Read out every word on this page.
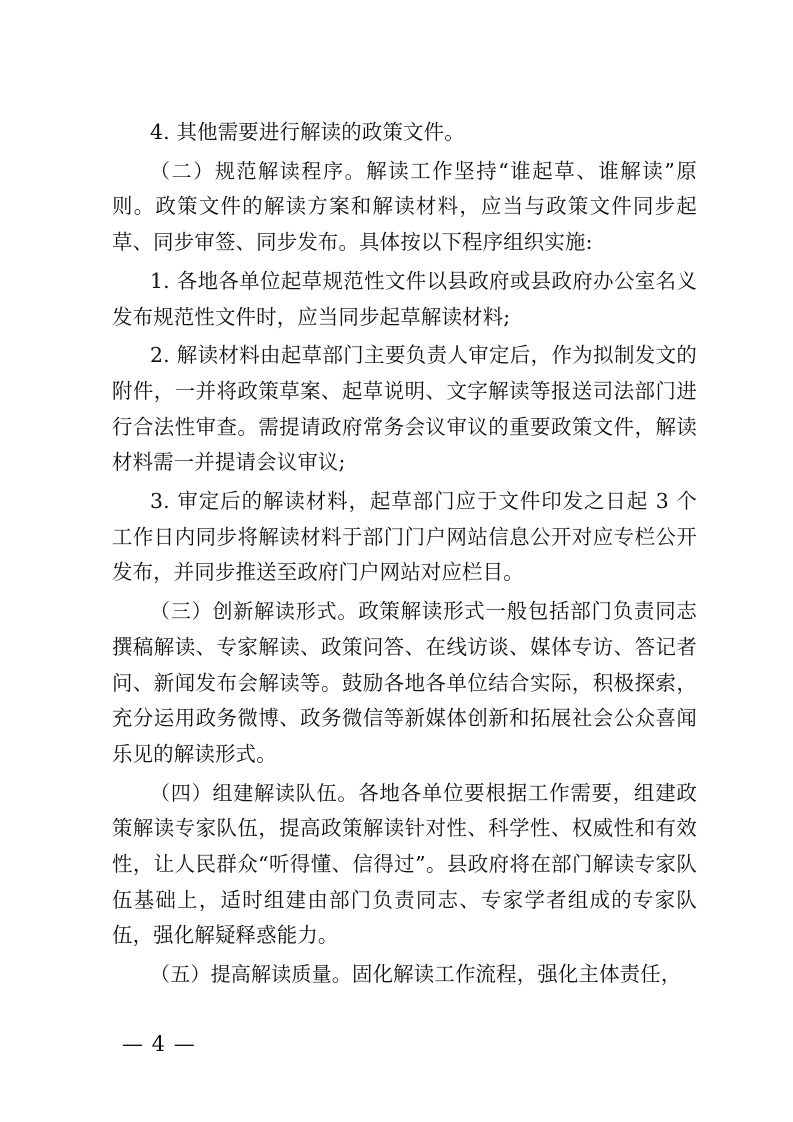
4. 其他需要进行解读的政策文件。

（二）规范解读程序。解读工作坚持“谁起草、谁解读”原则。政策文件的解读方案和解读材料，应当与政策文件同步起草、同步审签、同步发布。具体按以下程序组织实施:

1. 各地各单位起草规范性文件以县政府或县政府办公室名义发布规范性文件时，应当同步起草解读材料;

2. 解读材料由起草部门主要负责人审定后，作为拟制发文的附件，一并将政策草案、起草说明、文字解读等报送司法部门进行合法性审查。需提请政府常务会议审议的重要政策文件，解读材料需一并提请会议审议;

3. 审定后的解读材料，起草部门应于文件印发之日起 3 个工作日内同步将解读材料于部门门户网站信息公开对应专栏公开发布，并同步推送至政府门户网站对应栏目。

（三）创新解读形式。政策解读形式一般包括部门负责同志撰稿解读、专家解读、政策问答、在线访谈、媒体专访、答记者问、新闻发布会解读等。鼓励各地各单位结合实际，积极探索，充分运用政务微博、政务微信等新媒体创新和拓展社会公众喜闻乐见的解读形式。

（四）组建解读队伍。各地各单位要根据工作需要，组建政策解读专家队伍，提高政策解读针对性、科学性、权威性和有效性，让人民群众“听得懂、信得过”。县政府将在部门解读专家队伍基础上，适时组建由部门负责同志、专家学者组成的专家队伍，强化解疑释惑能力。

（五）提高解读质量。固化解读工作流程，强化主体责任，

— 4 —
